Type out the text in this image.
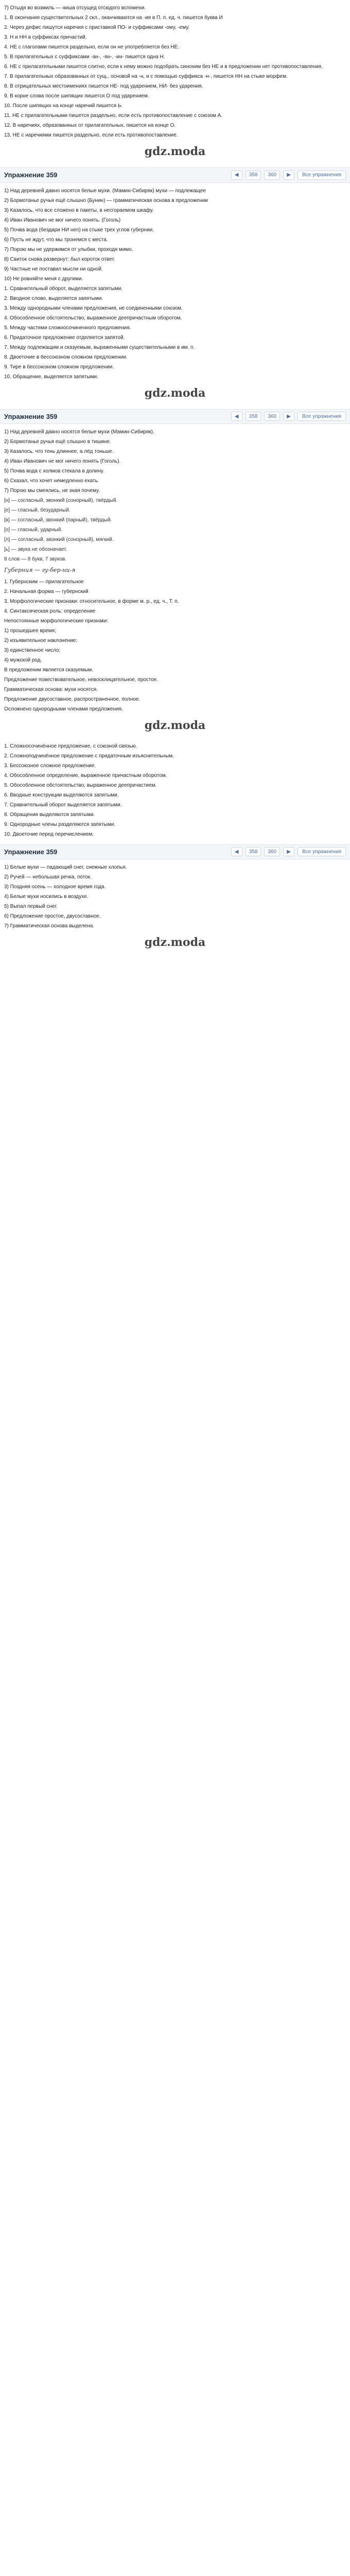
7) Отыдя во возмиль — ниша отсущед отсюдого вспомени.

1. В окончания существительных 2 скл., оканчиваются на -ия в П. п. ед. ч. пишется буква И

2. Через дефис пишутся наречия с приставкой ПО- и суффиксами -ому, -ему.

3. Н и НН в суффиксах причастий.

4. НЕ с глаголами пишется раздельно, если он не употребляется без НЕ.

5. В прилагательных с суффиксами -ан-, -ян-, -ин- пишется одна Н.

6. НЕ с прилагательными пишется слитно, если к нему можно подобрать синоним без НЕ и в предложении нет противопоставления.

7. В прилагательных образованных от сущ., основой на -н, и с помощью суффикса -н-, пишется НН на стыке морфем.

8. В отрицательных местоимениях пишется НЕ- под ударением, НИ- без ударения.

9. В корне слова после шипящих пишется О под ударением.

10. После шипящих на конце наречий пишется Ь.

11. НЕ с прилагательными пишется раздельно, если есть противопоставление с союзом А.

12. В наречиях, образованных от прилагательных, пишется на конце О.

13. НЕ с наречиями пишется раздельно, если есть противопоставление.

gdz.moda
Упражнение 359	◀	358	360	▶	Все упражнения

1) Над деревней давно носятся белые мухи. (Мамин-Сибиряк) мухи — подлежащее

2) Бормотанье ручья ещё слышно (Бунин) — грамматическая основа в предложении

3) Казалось, что все сложено в пакеты, в несгораемом шкафу.

4) Иван Иванович не мог ничего понять. (Гоголь)

5) Почва вода (бездари НИ неп) на стыке трех углов губернии.

6) Пусть не ждут, что мы тронемся с места.

7) Порою мы не удержимся от улыбки, проходя мимо.

8) Свиток снова развернут: был короток ответ.

9) Частные не поставил мысли ни одной.

10) Не ровняйте меня с другими.

1. Сравнительный оборот, выделяется запятыми.

2. Вводное слово, выделяется запятыми.

3. Между однородными членами предложения, не соединенными союзом.

4. Обособленное обстоятельство, выраженное деепричастным оборотом.

5. Между частями сложносочиненного предложения.

6. Придаточное предложение отделяется запятой.

7. Между подлежащим и сказуемым, выраженными существительными в им. п.

8. Двоеточие в бессоюзном сложном предложении.

9. Тире в бессоюзном сложном предложении.

10. Обращение, выделяется запятыми.

gdz.moda
Упражнение 359	◀	358	360	▶	Все упражнения

1) Над деревней давно носятся белые мухи (Мамин-Сибиряк).

2) Бормотанье ручья ещё слышно в тишине.

3) Казалось, что тень длиннее, а лёд тоньше.

4) Иван Иванович не мог ничего понять (Гоголь).

5) Почва вода с холмов стекала в долину.

6) Сказал, что хочет немедленно ехать.

7) Порою мы смеялись, не зная почему.

[н] — согласный, звонкий (сонорный), твёрдый.

[е] — гласный, безударный.

[в] — согласный, звонкий (парный), твёрдый.

[о] — гласный, ударный.

[л] — согласный, звонкий (сонорный), мягкий.

[ь] — звука не обозначает.

8 слов — 8 букв, 7 звуков.

Губерния — гу-бер-ни-я

1. Губернским — прилагательное

2. Начальная форма — губернский

3. Морфологические признаки: относительное, в форме м. р., ед. ч., Т. п.

4. Синтаксическая роль: определение

Непостоянные морфологические признаки:

1) прошедшее время;

2) изъявительное наклонение;

3) единственное число;

4) мужской род.

В предложении является сказуемым.

Предложение повествовательное, невосклицательное, простое.

Грамматическая основа: мухи носятся.

Предложение двусоставное, распространенное, полное.

Осложнено однородными членами предложения.

gdz.moda

1. Сложносочинённое предложение, с союзной связью.

2. Сложноподчинённое предложение с придаточным изъяснительным.

3. Бессоюзное сложное предложение.

4. Обособленное определение, выраженное причастным оборотом.

5. Обособленное обстоятельство, выраженное деепричастием.

6. Вводные конструкции выделяются запятыми.

7. Сравнительный оборот выделяется запятыми.

8. Обращения выделяются запятыми.

9. Однородные члены разделяются запятыми.

10. Двоеточие перед перечислением.

Упражнение 359	◀	358	360	▶	Все упражнения

1) Белые мухи — падающий снег, снежные хлопья.

2) Ручей — небольшая речка, поток.

3) Поздняя осень — холодное время года.

4) Белые мухи носились в воздухе.

5) Выпал первый снег.

6) Предложение простое, двусоставное.

7) Грамматическая основа выделена.

gdz.moda
